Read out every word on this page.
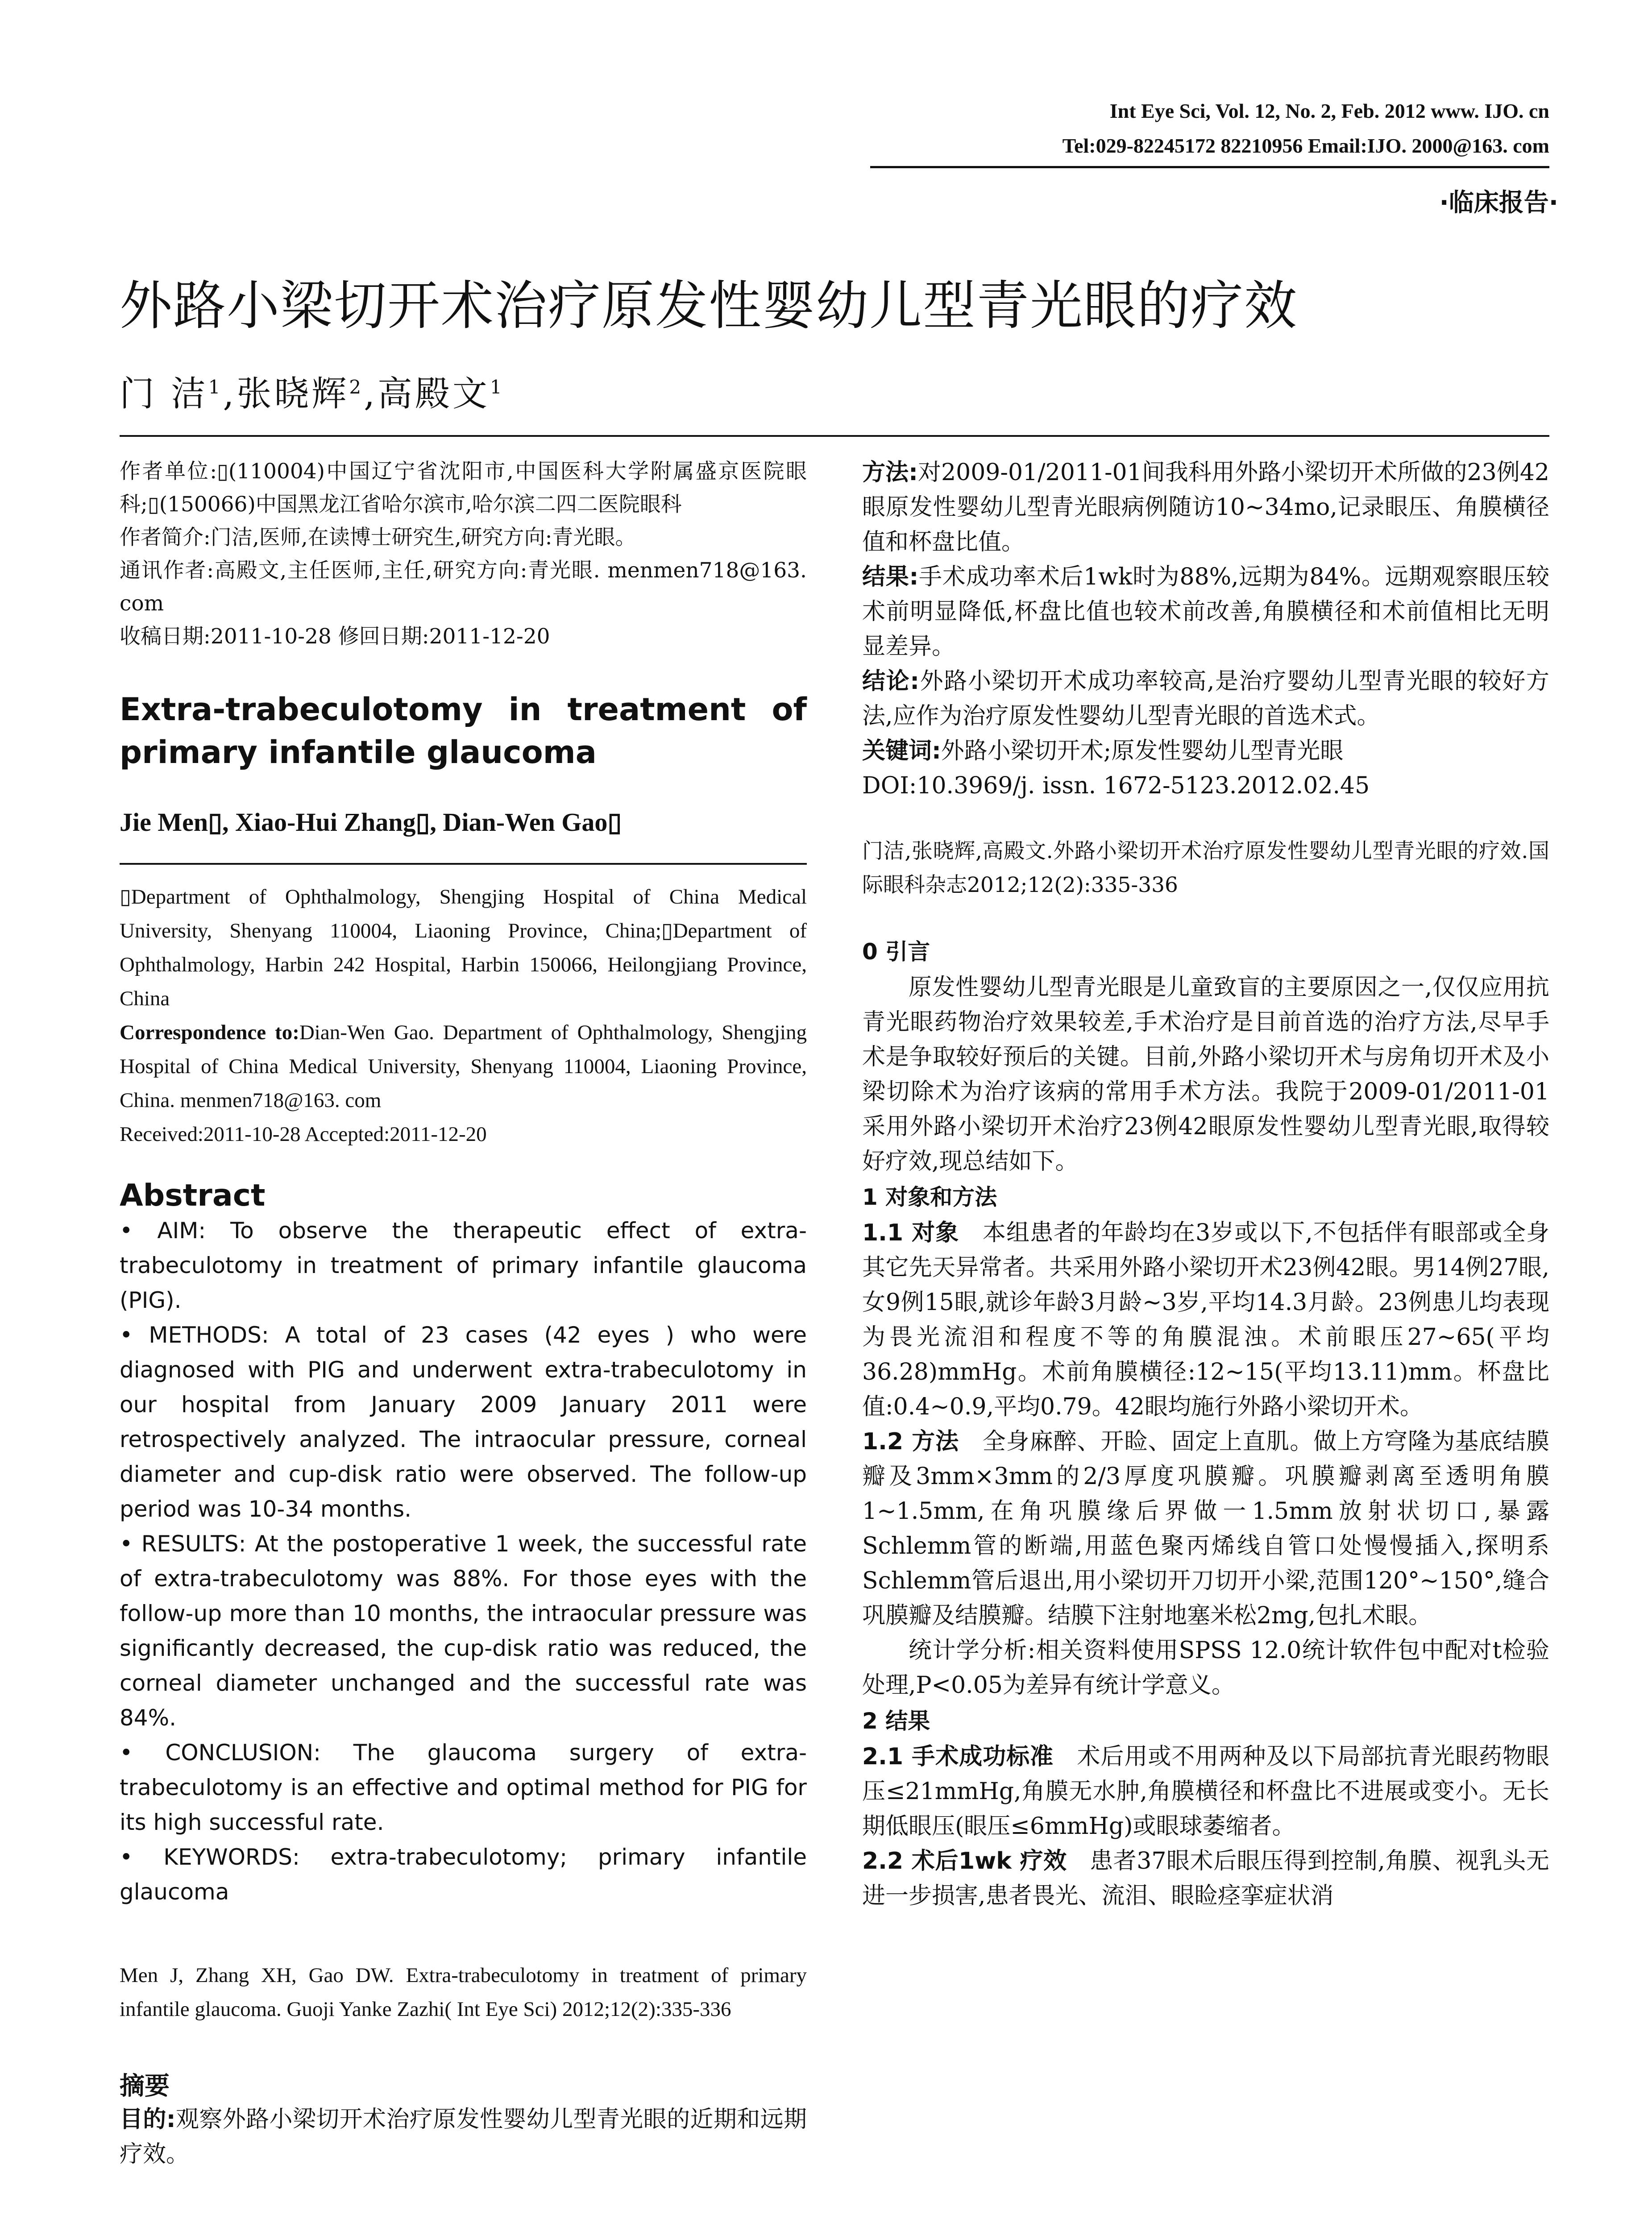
Int Eye Sci, Vol. 12, No. 2, Feb. 2012 www. IJO. cn
Tel:029-82245172 82210956 Email:IJO. 2000@163. com
·临床报告·
外路小梁切开术治疗原发性婴幼儿型青光眼的疗效
门 洁$^1$,张晓辉$^2$,高殿文$^1$

作者单位:▯(110004)中国辽宁省沈阳市,中国医科大学附属盛京医院眼科;▯(150066)中国黑龙江省哈尔滨市,哈尔滨二四二医院眼科

作者简介:门洁,医师,在读博士研究生,研究方向:青光眼。

通讯作者:高殿文,主任医师,主任,研究方向:青光眼. menmen718@163. com

收稿日期:2011-10-28 修回日期:2011-12-20

Extra-trabeculotomy in treatment of primary infantile glaucoma

Jie Men▯, Xiao-Hui Zhang▯, Dian-Wen Gao▯

▯Department of Ophthalmology, Shengjing Hospital of China Medical University, Shenyang 110004, Liaoning Province, China;▯Department of Ophthalmology, Harbin 242 Hospital, Harbin 150066, Heilongjiang Province, China

Correspondence to:Dian-Wen Gao. Department of Ophthalmology, Shengjing Hospital of China Medical University, Shenyang 110004, Liaoning Province, China. menmen718@163. com

Received:2011-10-28 Accepted:2011-12-20

Abstract

• AIM: To observe the therapeutic effect of extra-trabeculotomy in treatment of primary infantile glaucoma (PIG).

• METHODS: A total of 23 cases (42 eyes ) who were diagnosed with PIG and underwent extra-trabeculotomy in our hospital from January 2009 January 2011 were retrospectively analyzed. The intraocular pressure, corneal diameter and cup-disk ratio were observed. The follow-up period was 10-34 months.

• RESULTS: At the postoperative 1 week, the successful rate of extra-trabeculotomy was 88%. For those eyes with the follow-up more than 10 months, the intraocular pressure was significantly decreased, the cup-disk ratio was reduced, the corneal diameter unchanged and the successful rate was 84%.

• CONCLUSION: The glaucoma surgery of extra-trabeculotomy is an effective and optimal method for PIG for its high successful rate.

• KEYWORDS: extra-trabeculotomy; primary infantile glaucoma

Men J, Zhang XH, Gao DW. Extra-trabeculotomy in treatment of primary infantile glaucoma. Guoji Yanke Zazhi( Int Eye Sci) 2012;12(2):335-336

摘要

目的:观察外路小梁切开术治疗原发性婴幼儿型青光眼的近期和远期疗效。

方法:对2009-01/2011-01间我科用外路小梁切开术所做的23例42眼原发性婴幼儿型青光眼病例随访10~34mo,记录眼压、角膜横径值和杯盘比值。

结果:手术成功率术后1wk时为88%,远期为84%。远期观察眼压较术前明显降低,杯盘比值也较术前改善,角膜横径和术前值相比无明显差异。

结论:外路小梁切开术成功率较高,是治疗婴幼儿型青光眼的较好方法,应作为治疗原发性婴幼儿型青光眼的首选术式。

关键词:外路小梁切开术;原发性婴幼儿型青光眼

DOI:10.3969/j. issn. 1672-5123.2012.02.45

门洁,张晓辉,高殿文.外路小梁切开术治疗原发性婴幼儿型青光眼的疗效.国际眼科杂志2012;12(2):335-336

0 引言

原发性婴幼儿型青光眼是儿童致盲的主要原因之一,仅仅应用抗青光眼药物治疗效果较差,手术治疗是目前首选的治疗方法,尽早手术是争取较好预后的关键。目前,外路小梁切开术与房角切开术及小梁切除术为治疗该病的常用手术方法。我院于2009-01/2011-01采用外路小梁切开术治疗23例42眼原发性婴幼儿型青光眼,取得较好疗效,现总结如下。

1 对象和方法

1.1 对象 本组患者的年龄均在3岁或以下,不包括伴有眼部或全身其它先天异常者。共采用外路小梁切开术23例42眼。男14例27眼,女9例15眼,就诊年龄3月龄~3岁,平均14.3月龄。23例患儿均表现为畏光流泪和程度不等的角膜混浊。术前眼压27~65(平均36.28)mmHg。术前角膜横径:12~15(平均13.11)mm。杯盘比值:0.4~0.9,平均0.79。42眼均施行外路小梁切开术。

1.2 方法 全身麻醉、开睑、固定上直肌。做上方穹隆为基底结膜瓣及3mm×3mm的2/3厚度巩膜瓣。巩膜瓣剥离至透明角膜1~1.5mm,在角巩膜缘后界做一1.5mm放射状切口,暴露Schlemm管的断端,用蓝色聚丙烯线自管口处慢慢插入,探明系Schlemm管后退出,用小梁切开刀切开小梁,范围120°~150°,缝合巩膜瓣及结膜瓣。结膜下注射地塞米松2mg,包扎术眼。

统计学分析:相关资料使用SPSS 12.0统计软件包中配对t检验处理,P<0.05为差异有统计学意义。

2 结果

2.1 手术成功标准 术后用或不用两种及以下局部抗青光眼药物眼压≤21mmHg,角膜无水肿,角膜横径和杯盘比不进展或变小。无长期低眼压(眼压≤6mmHg)或眼球萎缩者。

2.2 术后1wk 疗效 患者37眼术后眼压得到控制,角膜、视乳头无进一步损害,患者畏光、流泪、眼睑痉挛症状消
